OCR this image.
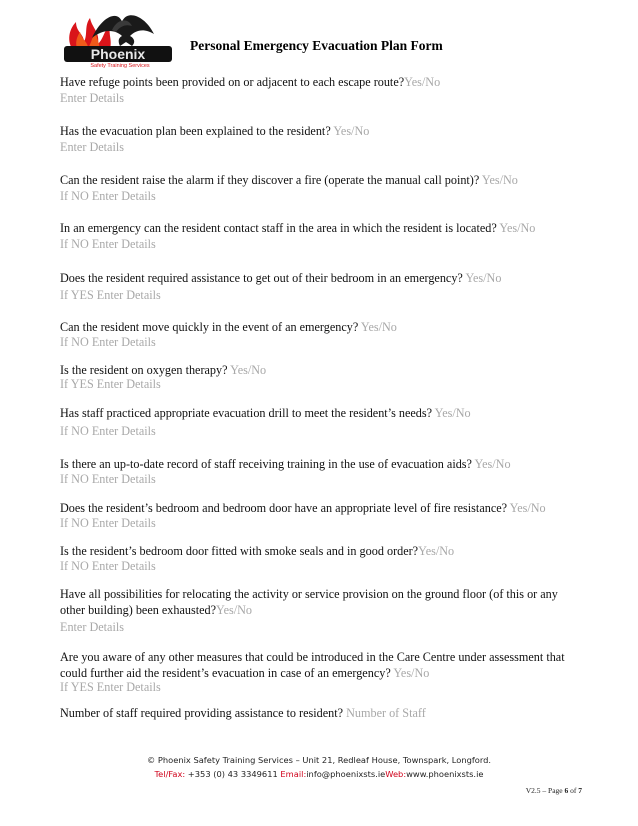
Phoenix
Safety Training Services
Personal Emergency Evacuation Plan Form
Have refuge points been provided on or adjacent to each escape route?Yes/No
Enter Details
Has the evacuation plan been explained to the resident? Yes/No
Enter Details
Can the resident raise the alarm if they discover a fire (operate the manual call point)? Yes/No
If NO Enter Details
In an emergency can the resident contact staff in the area in which the resident is located? Yes/No
If NO Enter Details
Does the resident required assistance to get out of their bedroom in an emergency? Yes/No
If YES Enter Details
Can the resident move quickly in the event of an emergency? Yes/No
If NO Enter Details
Is the resident on oxygen therapy? Yes/No
If YES Enter Details
Has staff practiced appropriate evacuation drill to meet the resident’s needs? Yes/No
If NO Enter Details
Is there an up-to-date record of staff receiving training in the use of evacuation aids? Yes/No
If NO Enter Details
Does the resident’s bedroom and bedroom door have an appropriate level of fire resistance? Yes/No
If NO Enter Details
Is the resident’s bedroom door fitted with smoke seals and in good order?Yes/No
If NO Enter Details
Have all possibilities for relocating the activity or service provision on the ground floor (of this or any other building) been exhausted?Yes/No
Enter Details
Are you aware of any other measures that could be introduced in the Care Centre under assessment that could further aid the resident’s evacuation in case of an emergency? Yes/No
If YES Enter Details
Number of staff required providing assistance to resident? Number of Staff
© Phoenix Safety Training Services – Unit 21, Redleaf House, Townspark, Longford.
Tel/Fax: +353 (0) 43 3349611 Email:info@phoenixsts.ieWeb:www.phoenixsts.ie
V2.5 – Page 6 of 7
